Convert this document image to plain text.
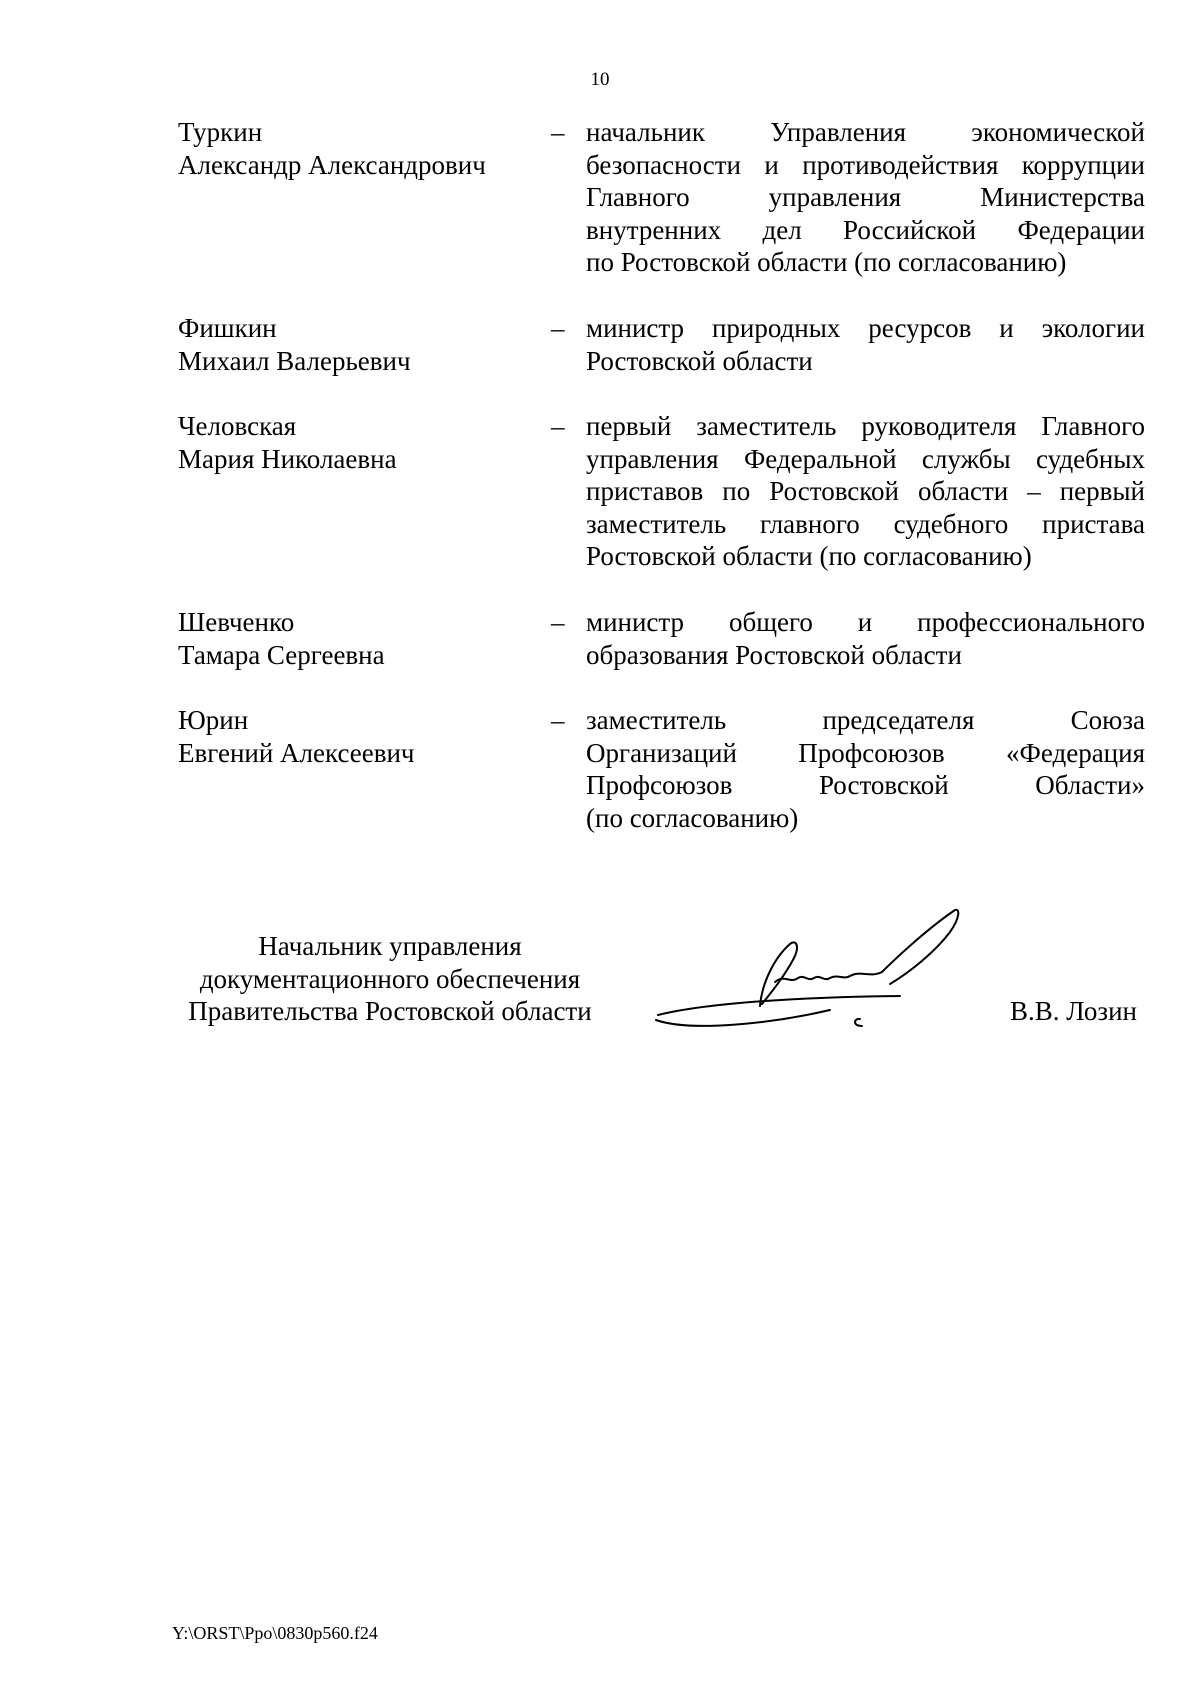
10
Туркин
Александр Александрович
– начальник Управления экономической
безопасности и противодействия коррупции
Главного управления Министерства
внутренних дел Российской Федерации
по Ростовской области (по согласованию)
Фишкин
Михаил Валерьевич
– министр природных ресурсов и экологии
Ростовской области
Человская
Мария Николаевна
– первый заместитель руководителя Главного
управления Федеральной службы судебных
приставов по Ростовской области – первый
заместитель главного судебного пристава
Ростовской области (по согласованию)
Шевченко
Тамара Сергеевна
– министр общего и профессионального
образования Ростовской области
Юрин
Евгений Алексеевич
– заместитель председателя Союза
Организаций Профсоюзов «Федерация
Профсоюзов Ростовской Области»
(по согласованию)
Начальник управления
документационного обеспечения
Правительства Ростовской области	В.В. Лозин
Y:\ORST\Ppo\0830p560.f24
